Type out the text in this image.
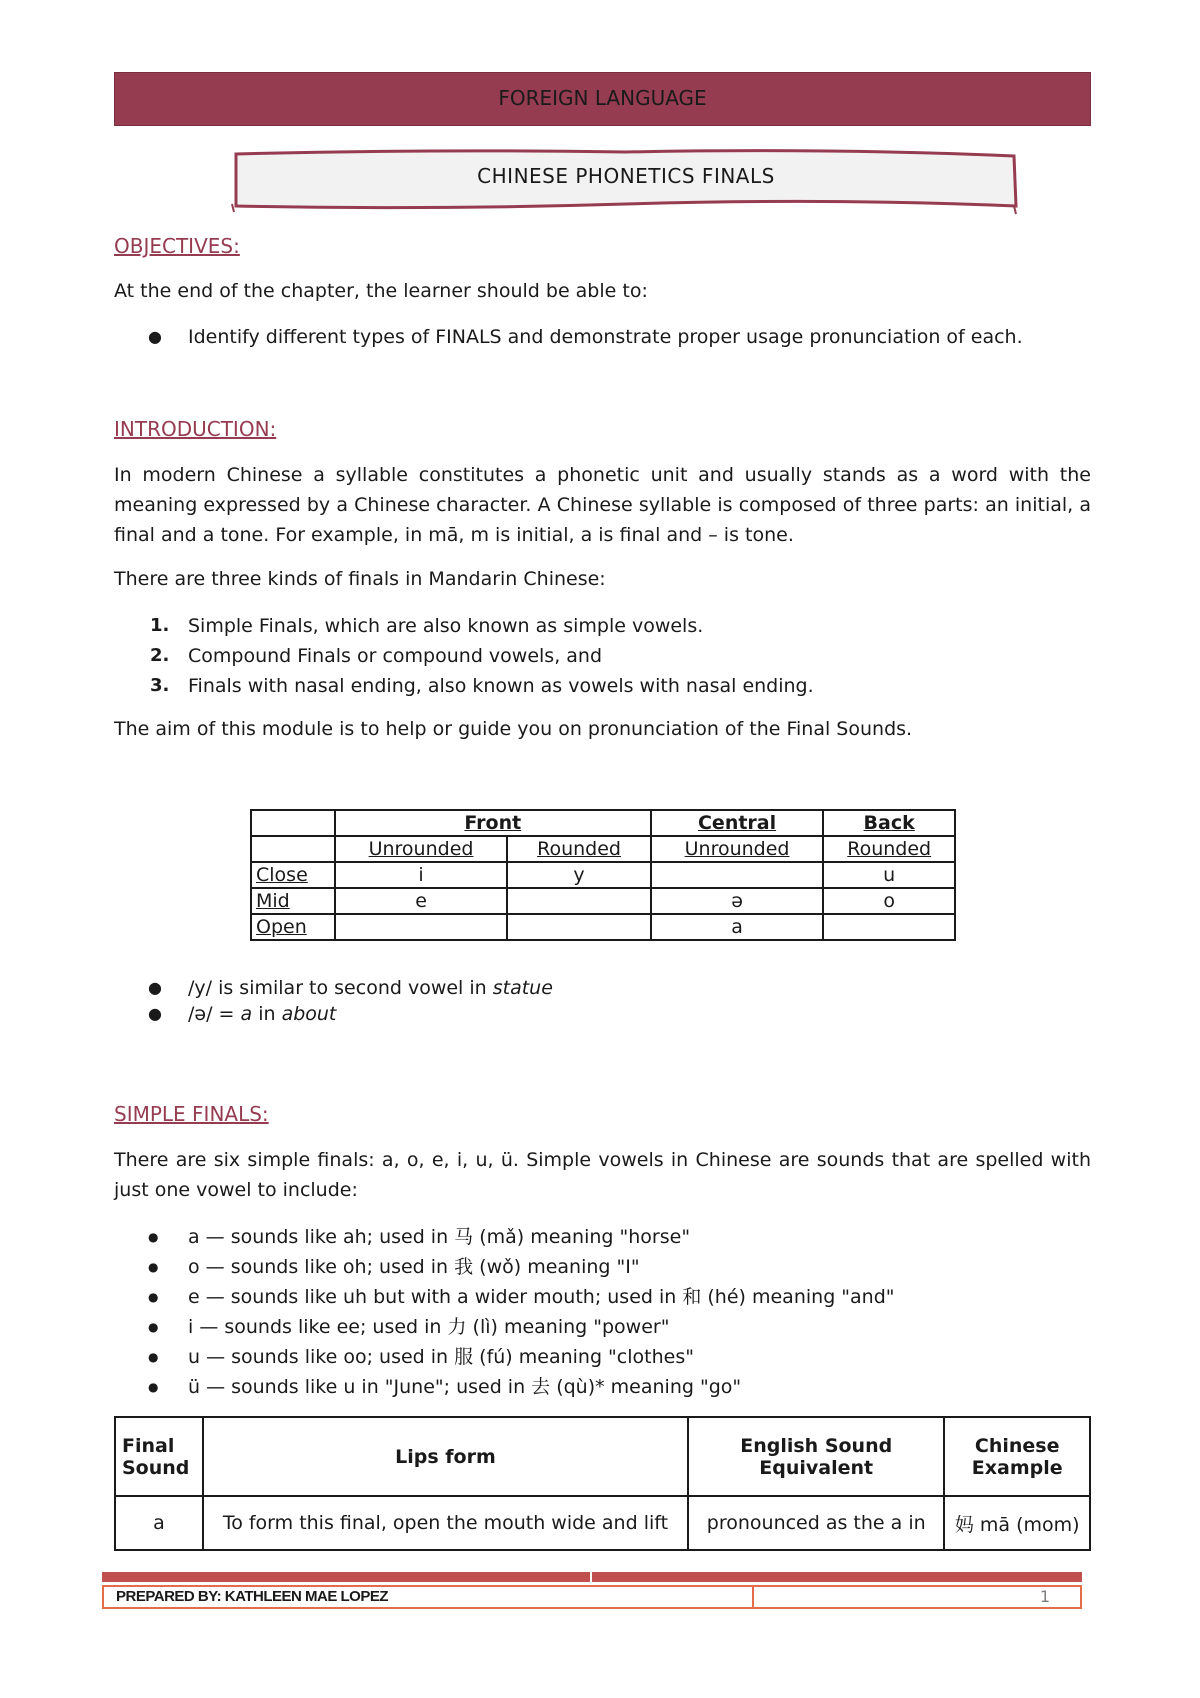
FOREIGN LANGUAGE
CHINESE PHONETICS FINALS
OBJECTIVES:
At the end of the chapter, the learner should be able to:
● Identify different types of FINALS and demonstrate proper usage pronunciation of each.
INTRODUCTION:
In modern Chinese a syllable constitutes a phonetic unit and usually stands as a word with the meaning expressed by a Chinese character. A Chinese syllable is composed of three parts: an initial, a final and a tone. For example, in mā, m is initial, a is final and – is tone.
There are three kinds of finals in Mandarin Chinese:
1. Simple Finals, which are also known as simple vowels.
2. Compound Finals or compound vowels, and
3. Finals with nasal ending, also known as vowels with nasal ending.
The aim of this module is to help or guide you on pronunciation of the Final Sounds.
	Front		Central	Back
	Unrounded	Rounded	Unrounded	Rounded
Close	i	y		u
Mid	e		ə	o
Open			a	
● /y/ is similar to second vowel in statue
● /ə/ = a in about
SIMPLE FINALS:
There are six simple finals: a, o, e, i, u, ü. Simple vowels in Chinese are sounds that are spelled with just one vowel to include:
● a — sounds like ah; used in 马 (mǎ) meaning "horse"
● o — sounds like oh; used in 我 (wǒ) meaning "I"
● e — sounds like uh but with a wider mouth; used in 和 (hé) meaning "and"
● i — sounds like ee; used in 力 (lì) meaning "power"
● u — sounds like oo; used in 服 (fú) meaning "clothes"
● ü — sounds like u in "June"; used in 去 (qù)* meaning "go"
Final Sound	Lips form	English Sound Equivalent	Chinese Example
a	To form this final, open the mouth wide and lift	pronounced as the a in	妈 mā (mom)
PREPARED BY: KATHLEEN MAE LOPEZ	1
